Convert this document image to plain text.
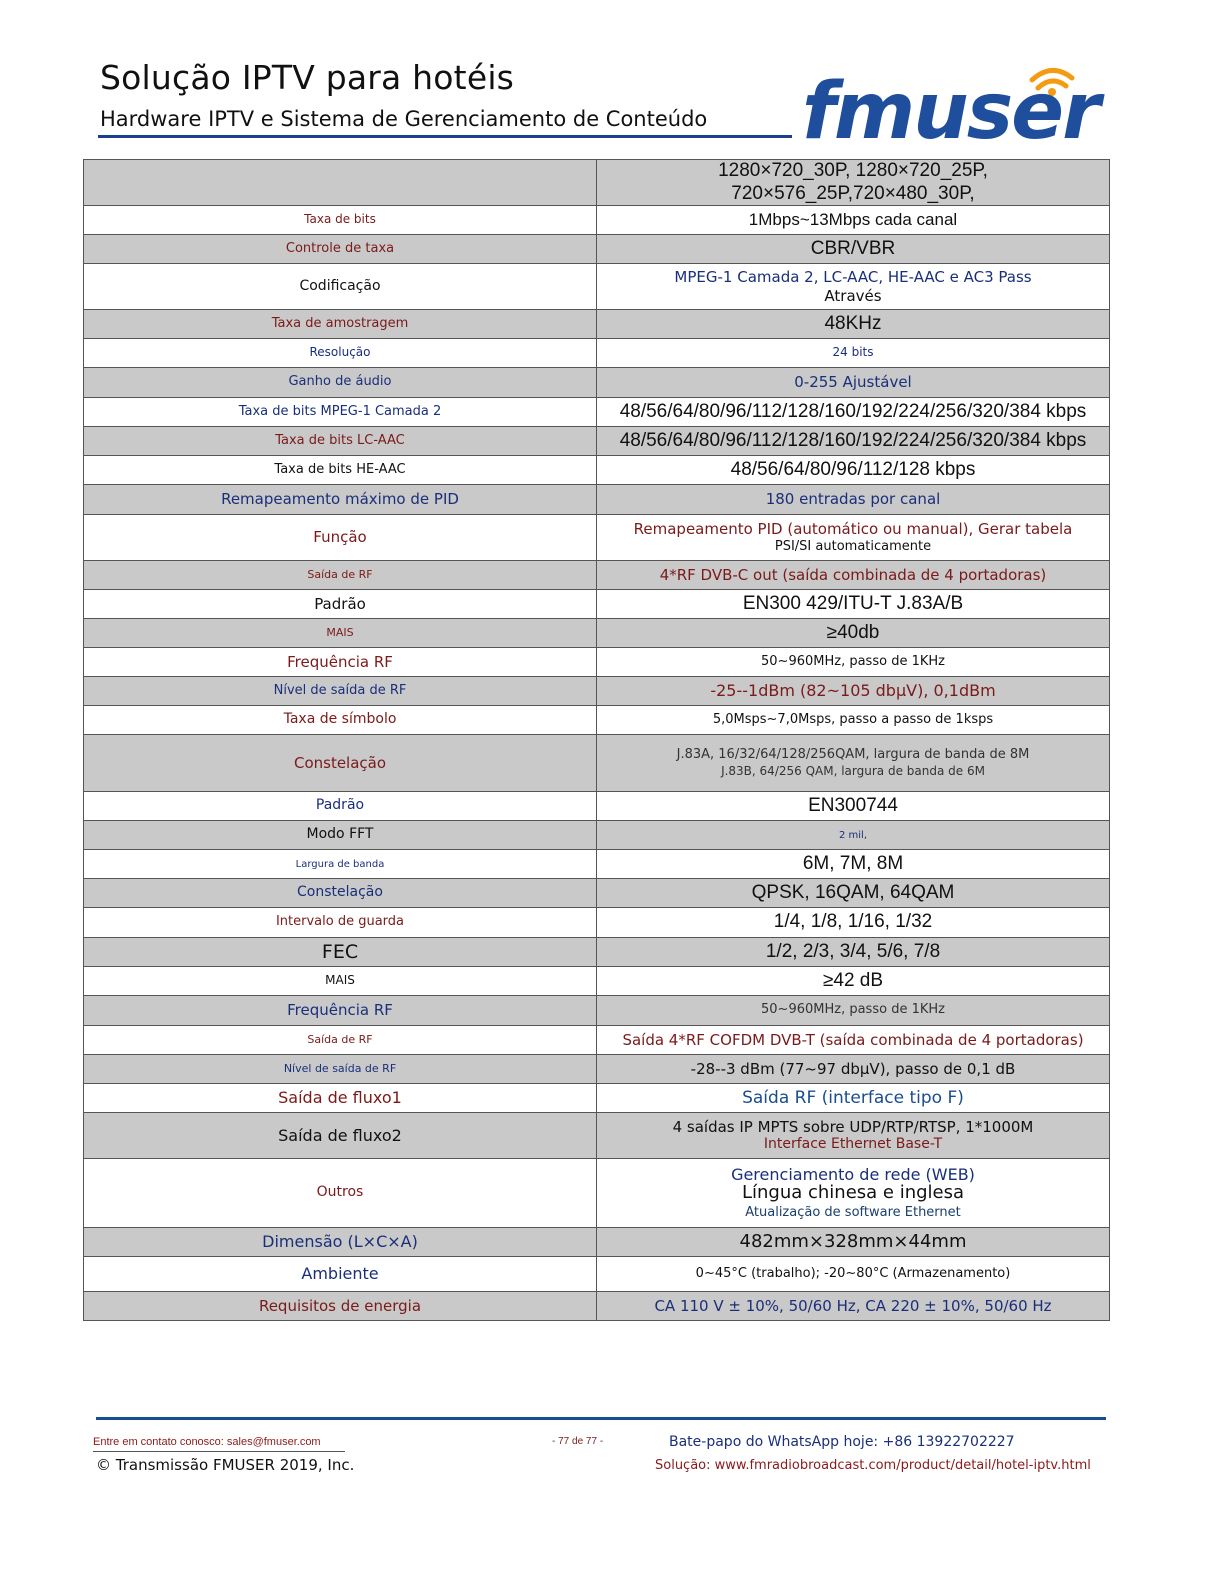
Solução IPTV para hotéis
Hardware IPTV e Sistema de Gerenciamento de Conteúdo fmuser

	1280×720_30P, 1280×720_25P,
720×576_25P,720×480_30P,

Taxa de bits	1Mbps~13Mbps cada canal

Controle de taxa	CBR/VBR

Codificação	MPEG-1 Camada 2, LC-AAC, HE-AAC e AC3 Pass
Através

Taxa de amostragem	48KHz

Resolução	24 bits

Ganho de áudio	0-255 Ajustável

Taxa de bits MPEG-1 Camada 2	48/56/64/80/96/112/128/160/192/224/256/320/384 kbps

Taxa de bits LC-AAC	48/56/64/80/96/112/128/160/192/224/256/320/384 kbps

Taxa de bits HE-AAC	48/56/64/80/96/112/128 kbps

Remapeamento máximo de PID	180 entradas por canal

Função	Remapeamento PID (automático ou manual), Gerar tabela
PSI/SI automaticamente

Saída de RF	4*RF DVB-C out (saída combinada de 4 portadoras)

Padrão	EN300 429/ITU-T J.83A/B

MAIS	≥40db

Frequência RF	50~960MHz, passo de 1KHz

Nível de saída de RF	-25--1dBm (82~105 dbµV), 0,1dBm

Taxa de símbolo	5,0Msps~7,0Msps, passo a passo de 1ksps

Constelação	J.83A, 16/32/64/128/256QAM, largura de banda de 8M
J.83B, 64/256 QAM, largura de banda de 6M

Padrão	EN300744

Modo FFT	2 mil,

Largura de banda	6M, 7M, 8M

Constelação	QPSK, 16QAM, 64QAM

Intervalo de guarda	1/4, 1/8, 1/16, 1/32

FEC	1/2, 2/3, 3/4, 5/6, 7/8

MAIS	≥42 dB

Frequência RF	50~960MHz, passo de 1KHz

Saída de RF	Saída 4*RF COFDM DVB-T (saída combinada de 4 portadoras)

Nível de saída de RF	-28--3 dBm (77~97 dbµV), passo de 0,1 dB

Saída de fluxo1	Saída RF (interface tipo F)

Saída de fluxo2	4 saídas IP MPTS sobre UDP/RTP/RTSP, 1*1000M
Interface Ethernet Base-T

Outros	Gerenciamento de rede (WEB)
Língua chinesa e inglesa
Atualização de software Ethernet

Dimensão (L×C×A)	482mm×328mm×44mm

Ambiente	0~45°C (trabalho); -20~80°C (Armazenamento)

Requisitos de energia	CA 110 V ± 10%, 50/60 Hz, CA 220 ± 10%, 50/60 Hz
Entre em contato conosco: sales@fmuser.com
© Transmissão FMUSER 2019, Inc.
- 77 de 77 -	Bate-papo do WhatsApp hoje: +86 13922702227
Solução: www.fmradiobroadcast.com/product/detail/hotel-iptv.html
